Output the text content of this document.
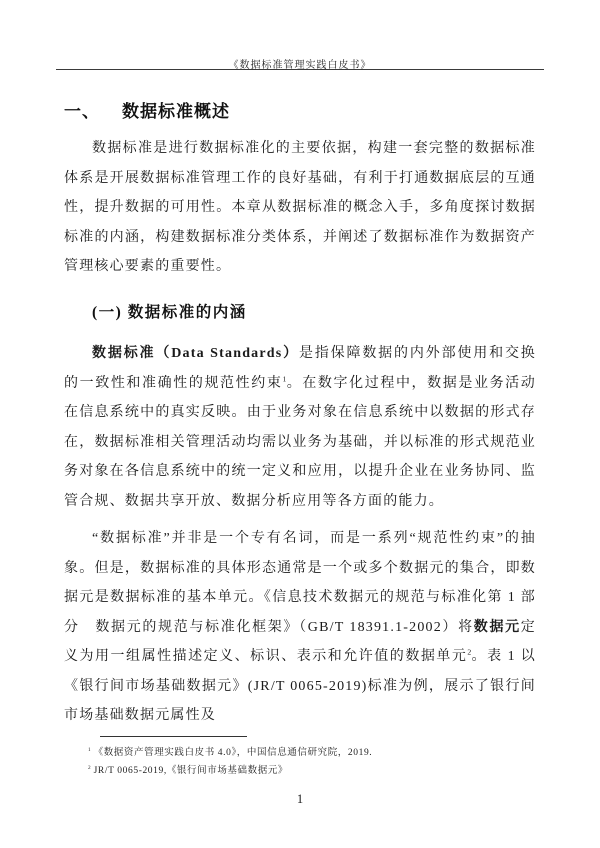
《数据标准管理实践白皮书》
一、 数据标准概述

数据标准是进行数据标准化的主要依据，构建一套完整的数据标准体系是开展数据标准管理工作的良好基础，有利于打通数据底层的互通性，提升数据的可用性。本章从数据标准的概念入手，多角度探讨数据标准的内涵，构建数据标准分类体系，并阐述了数据标准作为数据资产管理核心要素的重要性。

(一) 数据标准的内涵

数据标准（Data Standards）是指保障数据的内外部使用和交换的一致性和准确性的规范性约束$^1$。在数字化过程中，数据是业务活动在信息系统中的真实反映。由于业务对象在信息系统中以数据的形式存在，数据标准相关管理活动均需以业务为基础，并以标准的形式规范业务对象在各信息系统中的统一定义和应用，以提升企业在业务协同、监管合规、数据共享开放、数据分析应用等各方面的能力。

“数据标准”并非是一个专有名词，而是一系列“规范性约束”的抽象。但是，数据标准的具体形态通常是一个或多个数据元的集合，即数据元是数据标准的基本单元。《信息技术数据元的规范与标准化第 1 部分　数据元的规范与标准化框架》（GB/T 18391.1-2002）将数据元定义为用一组属性描述定义、标识、表示和允许值的数据单元$^2$。表 1 以《银行间市场基础数据元》(JR/T 0065-2019)标准为例，展示了银行间市场基础数据元属性及

$^1$ 《数据资产管理实践白皮书 4.0》，中国信息通信研究院，2019.
$^2$ JR/T 0065-2019,《银行间市场基础数据元》
1
